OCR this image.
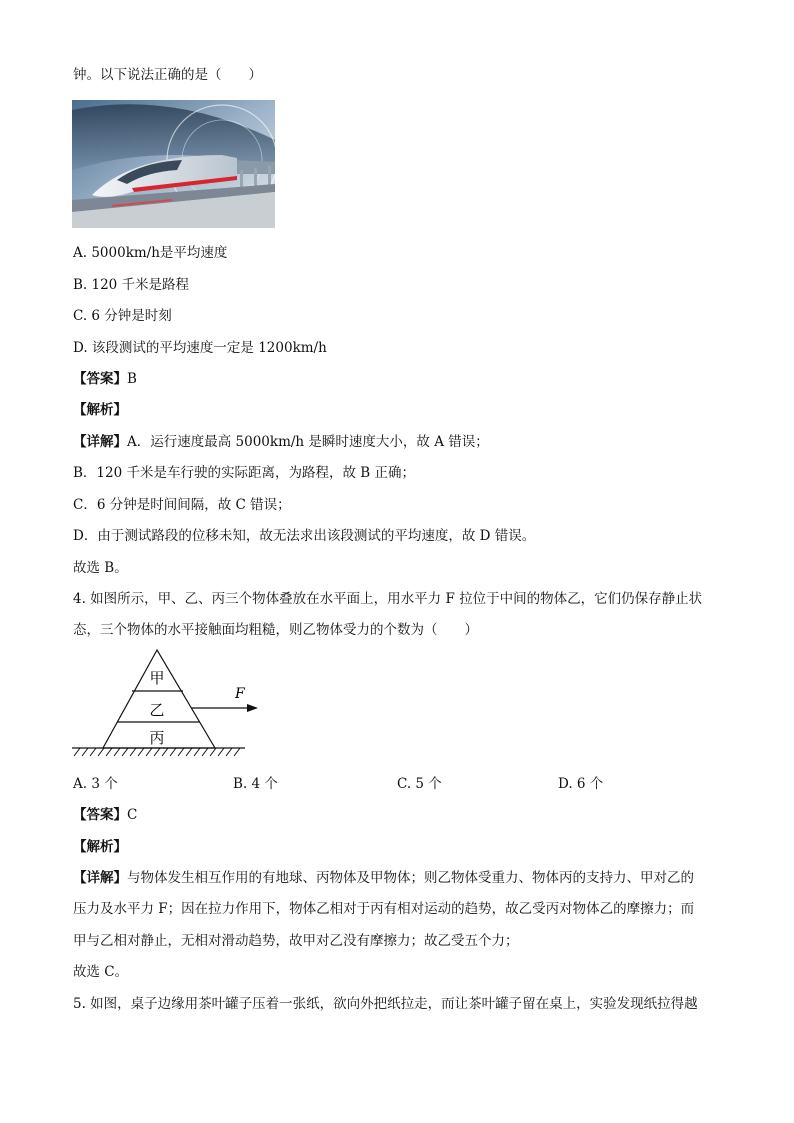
钟。以下说法正确的是（　　）
A. 5000km/h是平均速度
B. 120 千米是路程
C. 6 分钟是时刻
D. 该段测试的平均速度一定是 1200km/h
【答案】B
【解析】
【详解】A．运行速度最高 5000km/h 是瞬时速度大小，故 A 错误；
B．120 千米是车行驶的实际距离，为路程，故 B 正确；
C．6 分钟是时间间隔，故 C 错误；
D．由于测试路段的位移未知，故无法求出该段测试的平均速度，故 D 错误。
故选 B。
4. 如图所示，甲、乙、丙三个物体叠放在水平面上，用水平力 F 拉位于中间的物体乙，它们仍保存静止状
态，三个物体的水平接触面均粗糙，则乙物体受力的个数为（　　）
甲
乙
丙
F
A. 3 个	B. 4 个	C. 5 个	D. 6 个
【答案】C
【解析】
【详解】与物体发生相互作用的有地球、丙物体及甲物体；则乙物体受重力、物体丙的支持力、甲对乙的
压力及水平力 F；因在拉力作用下，物体乙相对于丙有相对运动的趋势，故乙受丙对物体乙的摩擦力；而
甲与乙相对静止，无相对滑动趋势，故甲对乙没有摩擦力；故乙受五个力；
故选 C。
5. 如图，桌子边缘用茶叶罐子压着一张纸，欲向外把纸拉走，而让茶叶罐子留在桌上，实验发现纸拉得越
